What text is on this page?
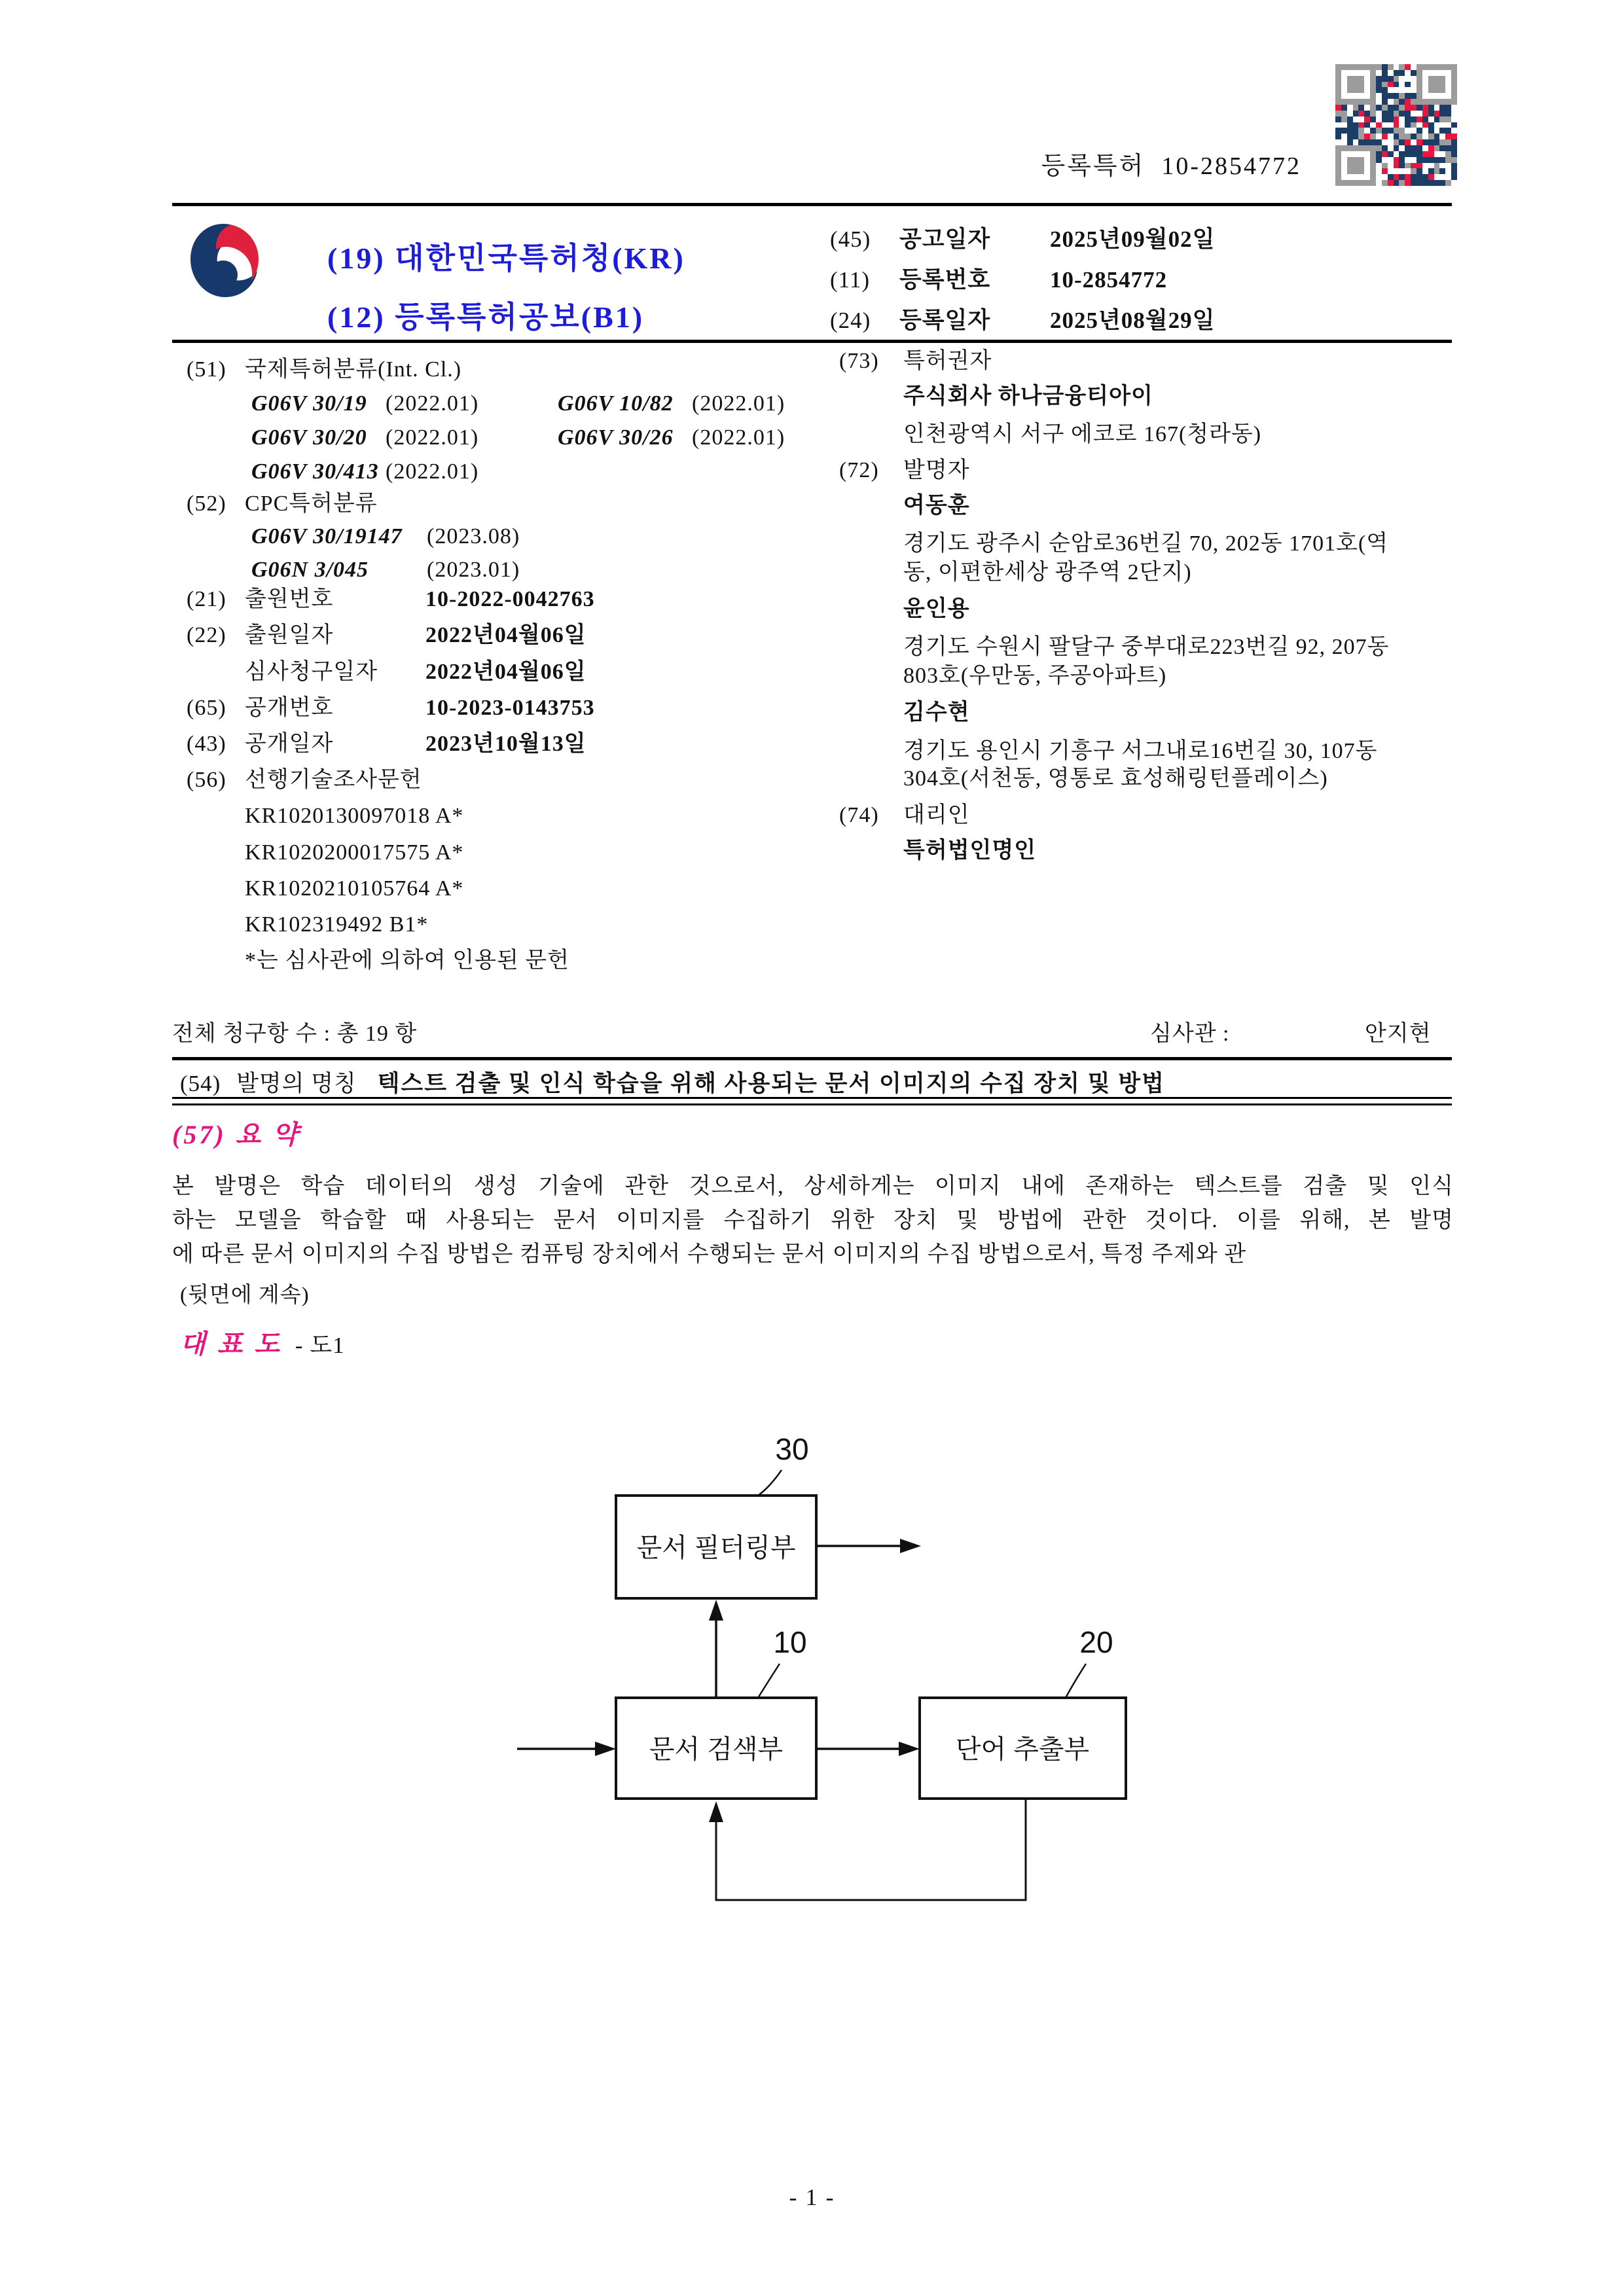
등록특허 10-2854772
(19) 대한민국특허청(KR)
(12) 등록특허공보(B1)
(45) 공고일자	2025년09월02일
(11) 등록번호	10-2854772
(24) 등록일자	2025년08월29일
(51) 국제특허분류(Int. Cl.)
G06V 30/19 (2022.01)	G06V 10/82 (2022.01)
G06V 30/20 (2022.01)	G06V 30/26 (2022.01)
G06V 30/413 (2022.01)
(52) CPC특허분류
G06V 30/19147 (2023.08)
G06N 3/045	(2023.01)
(21) 출원번호	10-2022-0042763
(22) 출원일자	2022년04월06일
심사청구일자 2022년04월06일
(65) 공개번호	10-2023-0143753
(43) 공개일자	2023년10월13일
(56) 선행기술조사문헌
KR1020130097018 A*
KR1020200017575 A*
KR1020210105764 A*
KR102319492 B1*
*는 심사관에 의하여 인용된 문헌
(73) 특허권자
주식회사 하나금융티아이
인천광역시 서구 에코로 167(청라동)
(72) 발명자
여동훈
경기도 광주시 순암로36번길 70, 202동 1701호(역
동, 이편한세상 광주역 2단지)
윤인용
경기도 수원시 팔달구 중부대로223번길 92, 207동
803호(우만동, 주공아파트)
김수현
경기도 용인시 기흥구 서그내로16번길 30, 107동
304호(서천동, 영통로 효성해링턴플레이스)
(74) 대리인
특허법인명인
전체 청구항 수 : 총 19 항	심사관 :	안지현
(54) 발명의 명칭 텍스트 검출 및 인식 학습을 위해 사용되는 문서 이미지의 수집 장치 및 방법
(57) 요 약
본 발명은 학습 데이터의 생성 기술에 관한 것으로서, 상세하게는 이미지 내에 존재하는 텍스트를 검출 및 인식
하는 모델을 학습할 때 사용되는 문서 이미지를 수집하기 위한 장치 및 방법에 관한 것이다. 이를 위해, 본 발명
에 따른 문서 이미지의 수집 방법은 컴퓨팅 장치에서 수행되는 문서 이미지의 수집 방법으로서, 특정 주제와 관
(뒷면에 계속)
대 표 도 - 도1
30
10	20
문서 필터링부
문서 검색부	단어 추출부
- 1 -
